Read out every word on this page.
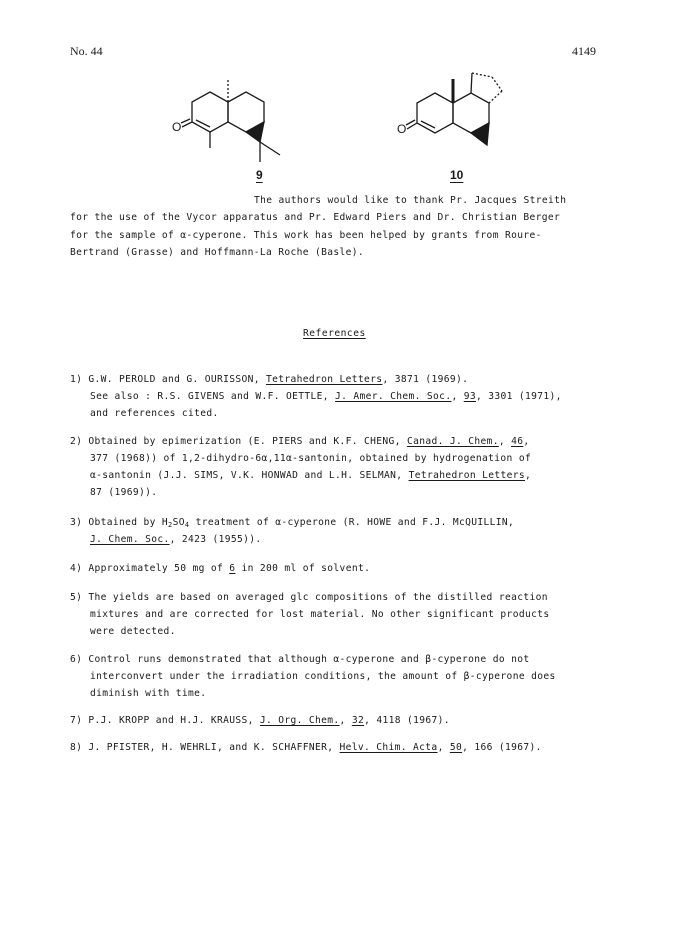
No. 44	4149
O	O
9	10
The authors would like to thank Pr. Jacques Streith
for the use of the Vycor apparatus and Pr. Edward Piers and Dr. Christian Berger
for the sample of α-cyperone. This work has been helped by grants from Roure-
Bertrand (Grasse) and Hoffmann-La Roche (Basle).
References
1) G.W. PEROLD and G. OURISSON, Tetrahedron Letters, 3871 (1969).
See also : R.S. GIVENS and W.F. OETTLE, J. Amer. Chem. Soc., 93, 3301 (1971),
and references cited.
2) Obtained by epimerization (E. PIERS and K.F. CHENG, Canad. J. Chem., 46,
377 (1968)) of 1,2-dihydro-6α,11α-santonin, obtained by hydrogenation of
α-santonin (J.J. SIMS, V.K. HONWAD and L.H. SELMAN, Tetrahedron Letters,
87 (1969)).
3) Obtained by $H_2SO_4$ treatment of α-cyperone (R. HOWE and F.J. McQUILLIN,
J. Chem. Soc., 2423 (1955)).
4) Approximately 50 mg of 6 in 200 ml of solvent.
5) The yields are based on averaged glc compositions of the distilled reaction
mixtures and are corrected for lost material. No other significant products
were detected.
6) Control runs demonstrated that although α-cyperone and β-cyperone do not
interconvert under the irradiation conditions, the amount of β-cyperone does
diminish with time.
7) P.J. KROPP and H.J. KRAUSS, J. Org. Chem., 32, 4118 (1967).
8) J. PFISTER, H. WEHRLI, and K. SCHAFFNER, Helv. Chim. Acta, 50, 166 (1967).
